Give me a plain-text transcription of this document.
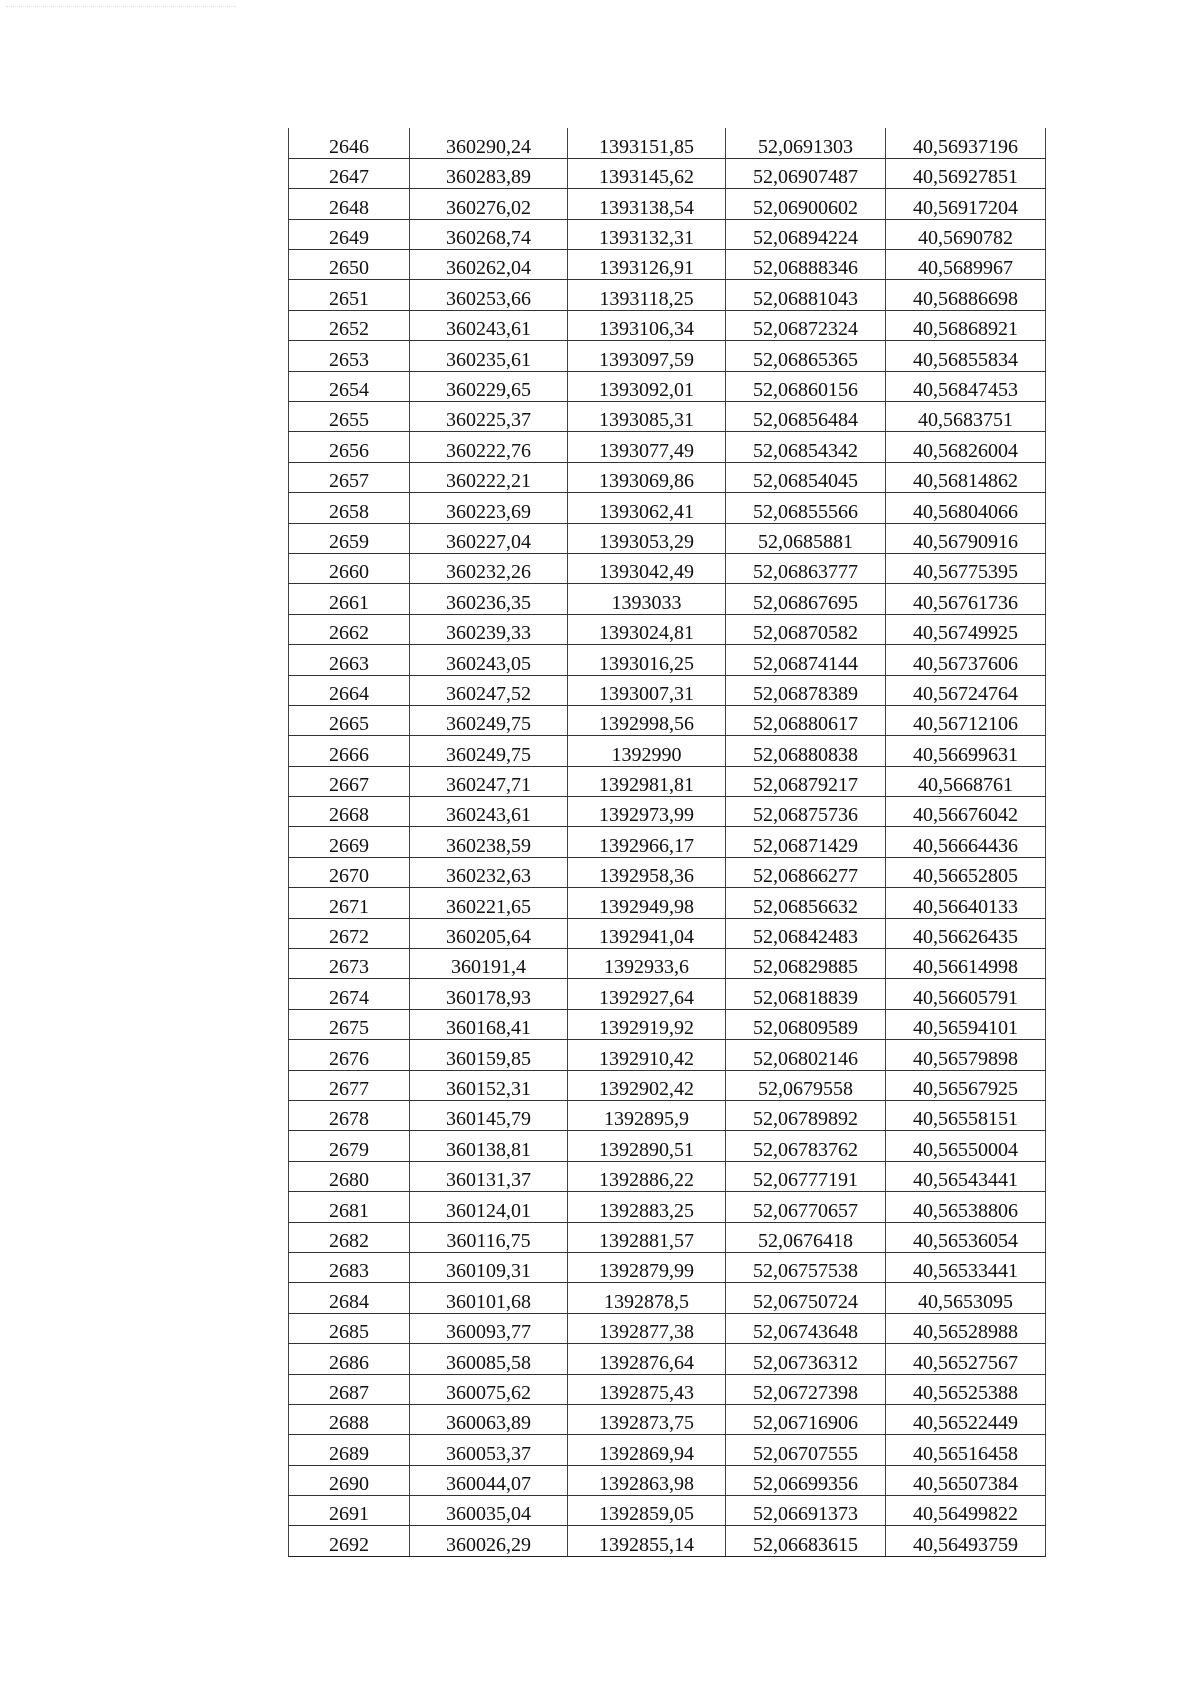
2646	360290,24	1393151,85	52,0691303	40,56937196
2647	360283,89	1393145,62	52,06907487	40,56927851
2648	360276,02	1393138,54	52,06900602	40,56917204
2649	360268,74	1393132,31	52,06894224	40,5690782
2650	360262,04	1393126,91	52,06888346	40,5689967
2651	360253,66	1393118,25	52,06881043	40,56886698
2652	360243,61	1393106,34	52,06872324	40,56868921
2653	360235,61	1393097,59	52,06865365	40,56855834
2654	360229,65	1393092,01	52,06860156	40,56847453
2655	360225,37	1393085,31	52,06856484	40,5683751
2656	360222,76	1393077,49	52,06854342	40,56826004
2657	360222,21	1393069,86	52,06854045	40,56814862
2658	360223,69	1393062,41	52,06855566	40,56804066
2659	360227,04	1393053,29	52,0685881	40,56790916
2660	360232,26	1393042,49	52,06863777	40,56775395
2661	360236,35	1393033	52,06867695	40,56761736
2662	360239,33	1393024,81	52,06870582	40,56749925
2663	360243,05	1393016,25	52,06874144	40,56737606
2664	360247,52	1393007,31	52,06878389	40,56724764
2665	360249,75	1392998,56	52,06880617	40,56712106
2666	360249,75	1392990	52,06880838	40,56699631
2667	360247,71	1392981,81	52,06879217	40,5668761
2668	360243,61	1392973,99	52,06875736	40,56676042
2669	360238,59	1392966,17	52,06871429	40,56664436
2670	360232,63	1392958,36	52,06866277	40,56652805
2671	360221,65	1392949,98	52,06856632	40,56640133
2672	360205,64	1392941,04	52,06842483	40,56626435
2673	360191,4	1392933,6	52,06829885	40,56614998
2674	360178,93	1392927,64	52,06818839	40,56605791
2675	360168,41	1392919,92	52,06809589	40,56594101
2676	360159,85	1392910,42	52,06802146	40,56579898
2677	360152,31	1392902,42	52,0679558	40,56567925
2678	360145,79	1392895,9	52,06789892	40,56558151
2679	360138,81	1392890,51	52,06783762	40,56550004
2680	360131,37	1392886,22	52,06777191	40,56543441
2681	360124,01	1392883,25	52,06770657	40,56538806
2682	360116,75	1392881,57	52,0676418	40,56536054
2683	360109,31	1392879,99	52,06757538	40,56533441
2684	360101,68	1392878,5	52,06750724	40,5653095
2685	360093,77	1392877,38	52,06743648	40,56528988
2686	360085,58	1392876,64	52,06736312	40,56527567
2687	360075,62	1392875,43	52,06727398	40,56525388
2688	360063,89	1392873,75	52,06716906	40,56522449
2689	360053,37	1392869,94	52,06707555	40,56516458
2690	360044,07	1392863,98	52,06699356	40,56507384
2691	360035,04	1392859,05	52,06691373	40,56499822
2692	360026,29	1392855,14	52,06683615	40,56493759
